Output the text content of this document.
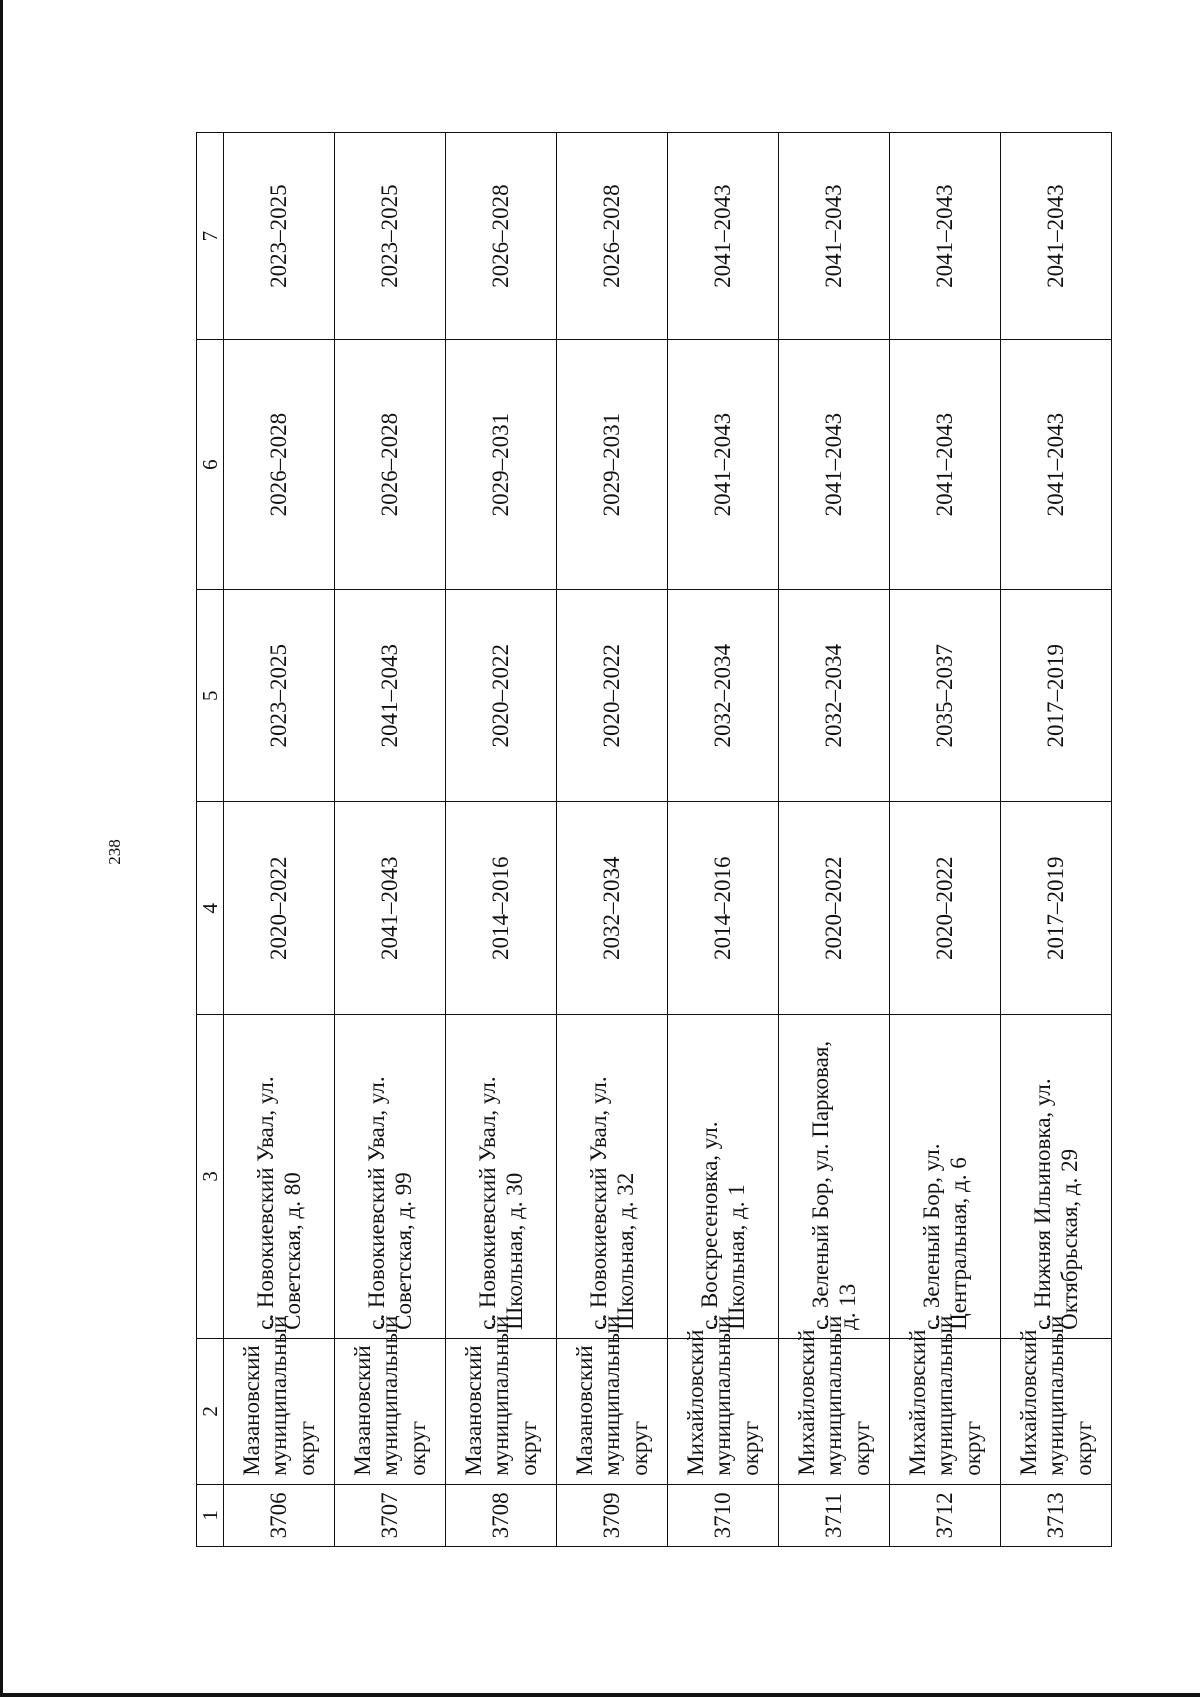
238
1	2	3	4	5	6	7
3706	Мазановский муниципальный округ	с. Новокиевский Увал, ул. Советская, д. 80	2020–2022	2023–2025	2026–2028	2023–2025
3707	Мазановский муниципальный округ	с. Новокиевский Увал, ул. Советская, д. 99	2041–2043	2041–2043	2026–2028	2023–2025
3708	Мазановский муниципальный округ	с. Новокиевский Увал, ул. Школьная, д. 30	2014–2016	2020–2022	2029–2031	2026–2028
3709	Мазановский муниципальный округ	с. Новокиевский Увал, ул. Школьная, д. 32	2032–2034	2020–2022	2029–2031	2026–2028
3710	Михайловский муниципальный округ	с. Воскресеновка, ул. Школьная, д. 1	2014–2016	2032–2034	2041–2043	2041–2043
3711	Михайловский муниципальный округ	с. Зеленый Бор, ул. Парковая, д. 13	2020–2022	2032–2034	2041–2043	2041–2043
3712	Михайловский муниципальный округ	с. Зеленый Бор, ул. Центральная, д. 6	2020–2022	2035–2037	2041–2043	2041–2043
3713	Михайловский муниципальный округ	с. Нижняя Ильиновка, ул. Октябрьская, д. 29	2017–2019	2017–2019	2041–2043	2041–2043
